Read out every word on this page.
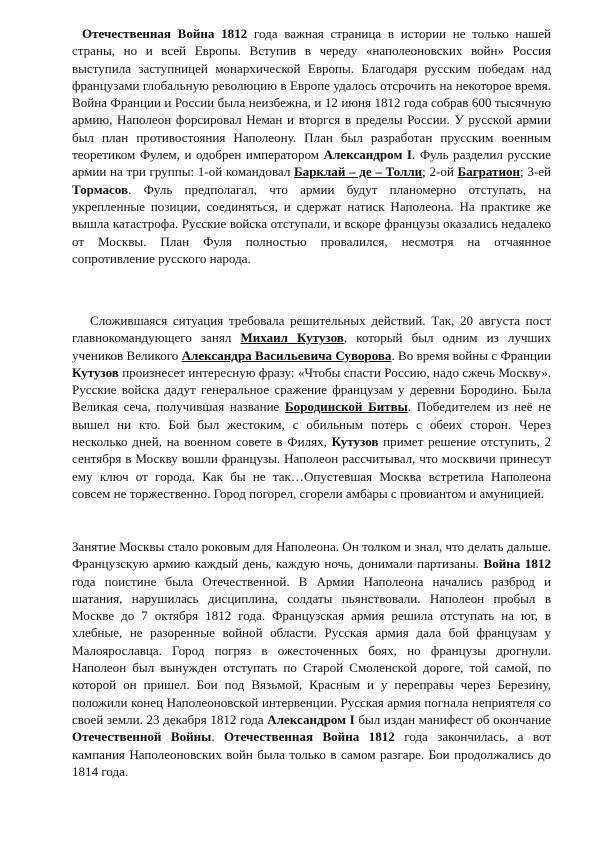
Отечественная Война 1812 года важная страница в истории не только нашей страны, но и всей Европы. Вступив в череду «наполеоновских войн» Россия выступила заступницей монархической Европы. Благодаря русским победам над французами глобальную революцию в Европе удалось отсрочить на некоторое время. Война Франции и России была неизбежна, и 12 июня 1812 года собрав 600 тысячную армию, Наполеон форсировал Неман и вторгся в пределы России. У русской армии был план противостояния Наполеону. План был разработан прусским военным теоретиком Фулем, и одобрен императором Александром I. Фуль разделил русские армии на три группы: 1-ой командовал Барклай – де – Толли; 2-ой Багратион; 3-ей Тормасов. Фуль предполагал, что армии будут планомерно отступать, на укрепленные позиции, соединяться, и сдержат натиск Наполеона. На практике же вышла катастрофа. Русские войска отступали, и вскоре французы оказались недалеко от Москвы. План Фуля полностью провалился, несмотря на отчаянное сопротивление русского народа.

Сложившаяся ситуация требовала решительных действий. Так, 20 августа пост главнокомандующего занял Михаил Кутузов, который был одним из лучших учеников Великого Александра Васильевича Суворова. Во время войны с Франции Кутузов произнесет интересную фразу: «Чтобы спасти Россию, надо сжечь Москву». Русские войска дадут генеральное сражение французам у деревни Бородино. Была Великая сеча, получившая название Бородинской Битвы. Победителем из неё не вышел ни кто. Бой был жестоким, с обильным потерь с обеих сторон. Через несколько дней, на военном совете в Филях, Кутузов примет решение отступить, 2 сентября в Москву вошли французы. Наполеон рассчитывал, что москвичи принесут ему ключ от города. Как бы не так…Опустевшая Москва встретила Наполеона совсем не торжественно. Город погорел, сгорели амбары с провиантом и амуницией.

Занятие Москвы стало роковым для Наполеона. Он толком и знал, что делать дальше. Французскую армию каждый день, каждую ночь, донимали партизаны. Война 1812 года поистине была Отечественной. В Армии Наполеона начались разброд и шатания, нарушилась дисциплина, солдаты пьянствовали. Наполеон пробыл в Москве до 7 октября 1812 года. Французская армия решила отступать на юг, в хлебные, не разоренные войной области. Русская армия дала бой французам у Малоярославца. Город погряз в ожесточенных боях, но французы дрогнули. Наполеон был вынужден отступать по Старой Смоленской дороге, той самой, по которой он пришел. Бои под Вязьмой, Красным и у переправы через Березину, положили конец Наполеоновской интервенции. Русская армия погнала неприятеля со своей земли. 23 декабря 1812 года Александром I был издан манифест об окончание Отечественной Войны. Отечественная Война 1812 года закончилась, а вот кампания Наполеоновских войн была только в самом разгаре. Бои продолжались до 1814 года.
